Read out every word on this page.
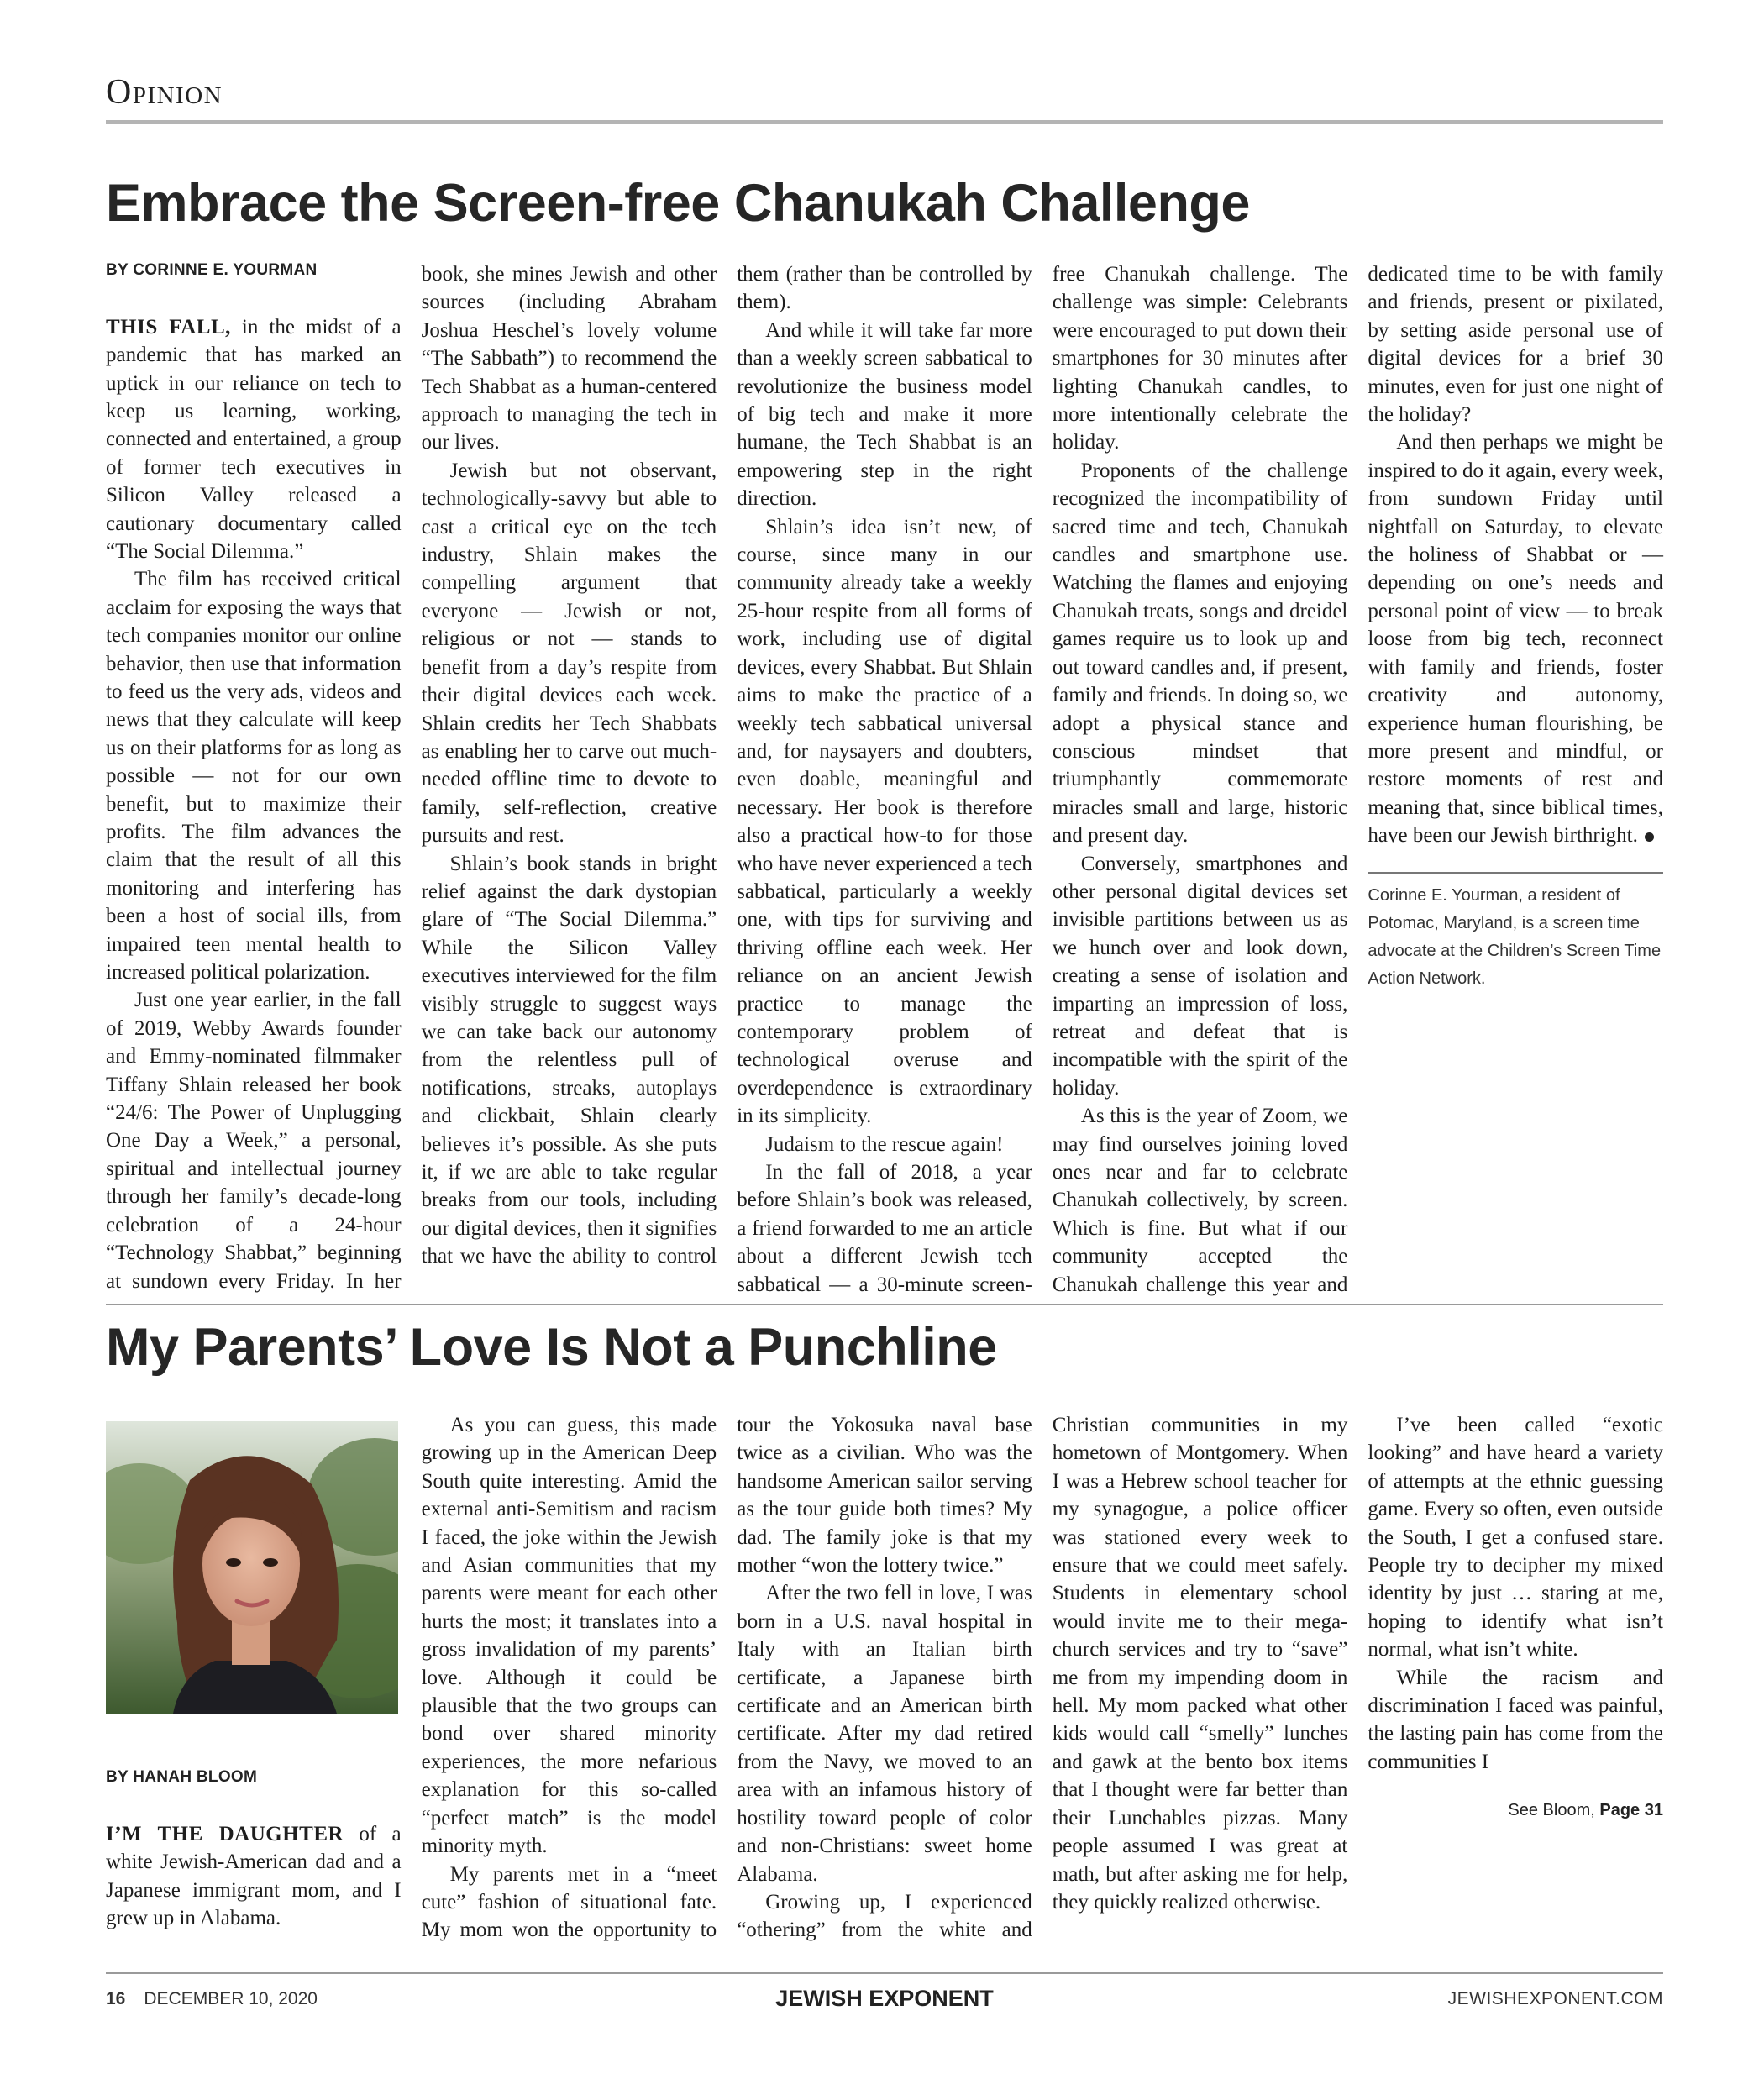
Opinion
Embrace the Screen-free Chanukah Challenge
BY CORINNE E. YOURMAN

THIS FALL, in the midst of a pandemic that has marked an uptick in our reliance on tech to keep us learning, working, connected and entertained, a group of former tech executives in Silicon Valley released a cautionary documentary called “The Social Dilemma.”

The film has received critical acclaim for exposing the ways that tech companies monitor our online behavior, then use that information to feed us the very ads, videos and news that they calculate will keep us on their platforms for as long as possible — not for our own benefit, but to maximize their profits. The film advances the claim that the result of all this monitoring and interfering has been a host of social ills, from impaired teen mental health to increased political polarization.

Just one year earlier, in the fall of 2019, Webby Awards founder and Emmy-nominated filmmaker Tiffany Shlain released her book “24/6: The Power of Unplugging One Day a Week,” a personal, spiritual and intellectual journey through her family’s decade-long celebration of a 24-hour “Technology Shabbat,” beginning at sundown every Friday. In her book, she mines Jewish and other sources (including Abraham Joshua Heschel’s lovely volume “The Sabbath”) to recommend the Tech Shabbat as a human-centered approach to managing the tech in our lives.

Jewish but not observant, technologically-savvy but able to cast a critical eye on the tech industry, Shlain makes the compelling argument that everyone — Jewish or not, religious or not — stands to benefit from a day’s respite from their digital devices each week. Shlain credits her Tech Shabbats as enabling her to carve out much-needed offline time to devote to family, self-reflection, creative pursuits and rest.

Shlain’s book stands in bright relief against the dark dystopian glare of “The Social Dilemma.” While the Silicon Valley executives interviewed for the film visibly struggle to suggest ways we can take back our autonomy from the relentless pull of notifications, streaks, autoplays and clickbait, Shlain clearly believes it’s possible. As she puts it, if we are able to take regular breaks from our tools, including our digital devices, then it signifies that we have the ability to control them (rather than be controlled by them).

And while it will take far more than a weekly screen sabbatical to revolutionize the business model of big tech and make it more humane, the Tech Shabbat is an empowering step in the right direction.

Shlain’s idea isn’t new, of course, since many in our community already take a weekly 25-hour respite from all forms of work, including use of digital devices, every Shabbat. But Shlain aims to make the practice of a weekly tech sabbatical universal and, for naysayers and doubters, even doable, meaningful and necessary. Her book is therefore also a practical how-to for those who have never experienced a tech sabbatical, particularly a weekly one, with tips for surviving and thriving offline each week. Her reliance on an ancient Jewish practice to manage the contemporary problem of technological overuse and overdependence is extraordinary in its simplicity.

Judaism to the rescue again!

In the fall of 2018, a year before Shlain’s book was released, a friend forwarded to me an article about a different Jewish tech sabbatical — a 30-minute screen-free Chanukah challenge. The challenge was simple: Celebrants were encouraged to put down their smartphones for 30 minutes after lighting Chanukah candles, to more intentionally celebrate the holiday.

Proponents of the challenge recognized the incompatibility of sacred time and tech, Chanukah candles and smartphone use. Watching the flames and enjoying Chanukah treats, songs and dreidel games require us to look up and out toward candles and, if present, family and friends. In doing so, we adopt a physical stance and conscious mindset that triumphantly commemorate miracles small and large, historic and present day.

Conversely, smartphones and other personal digital devices set invisible partitions between us as we hunch over and look down, creating a sense of isolation and imparting an impression of loss, retreat and defeat that is incompatible with the spirit of the holiday.

As this is the year of Zoom, we may find ourselves joining loved ones near and far to celebrate Chanukah collectively, by screen. Which is fine. But what if our community accepted the Chanukah challenge this year and dedicated time to be with family and friends, present or pixilated, by setting aside personal use of digital devices for a brief 30 minutes, even for just one night of the holiday?

And then perhaps we might be inspired to do it again, every week, from sundown Friday until nightfall on Saturday, to elevate the holiness of Shabbat or — depending on one’s needs and personal point of view — to break loose from big tech, reconnect with family and friends, foster creativity and autonomy, experience human flourishing, be more present and mindful, or restore moments of rest and meaning that, since biblical times, have been our Jewish birthright.

Corinne E. Yourman, a resident of Potomac, Maryland, is a screen time advocate at the Children’s Screen Time Action Network.
My Parents’ Love Is Not a Punchline
BY HANAH BLOOM

I’M THE DAUGHTER of a white Jewish-American dad and a Japanese immigrant mom, and I grew up in Alabama.

As you can guess, this made growing up in the American Deep South quite interesting. Amid the external anti-Semitism and racism I faced, the joke within the Jewish and Asian communities that my parents were meant for each other hurts the most; it translates into a gross invalidation of my parents’ love. Although it could be plausible that the two groups can bond over shared minority experiences, the more nefarious explanation for this so-called “perfect match” is the model minority myth.

My parents met in a “meet cute” fashion of situational fate. My mom won the opportunity to tour the Yokosuka naval base twice as a civilian. Who was the handsome American sailor serving as the tour guide both times? My dad. The family joke is that my mother “won the lottery twice.”

After the two fell in love, I was born in a U.S. naval hospital in Italy with an Italian birth certificate, a Japanese birth certificate and an American birth certificate. After my dad retired from the Navy, we moved to an area with an infamous history of hostility toward people of color and non-Christians: sweet home Alabama.

Growing up, I experienced “othering” from the white and Christian communities in my hometown of Montgomery. When I was a Hebrew school teacher for my synagogue, a police officer was stationed every week to ensure that we could meet safely. Students in elementary school would invite me to their mega-church services and try to “save” me from my impending doom in hell. My mom packed what other kids would call “smelly” lunches and gawk at the bento box items that I thought were far better than their Lunchables pizzas. Many people assumed I was great at math, but after asking me for help, they quickly realized otherwise.

I’ve been called “exotic looking” and have heard a variety of attempts at the ethnic guessing game. Every so often, even outside the South, I get a confused stare. People try to decipher my mixed identity by just … staring at me, hoping to identify what isn’t normal, what isn’t white.

While the racism and discrimination I faced was painful, the lasting pain has come from the communities I

See Bloom, Page 31
16 DECEMBER 10, 2020	JEWISH EXPONENT	JEWISHEXPONENT.COM
